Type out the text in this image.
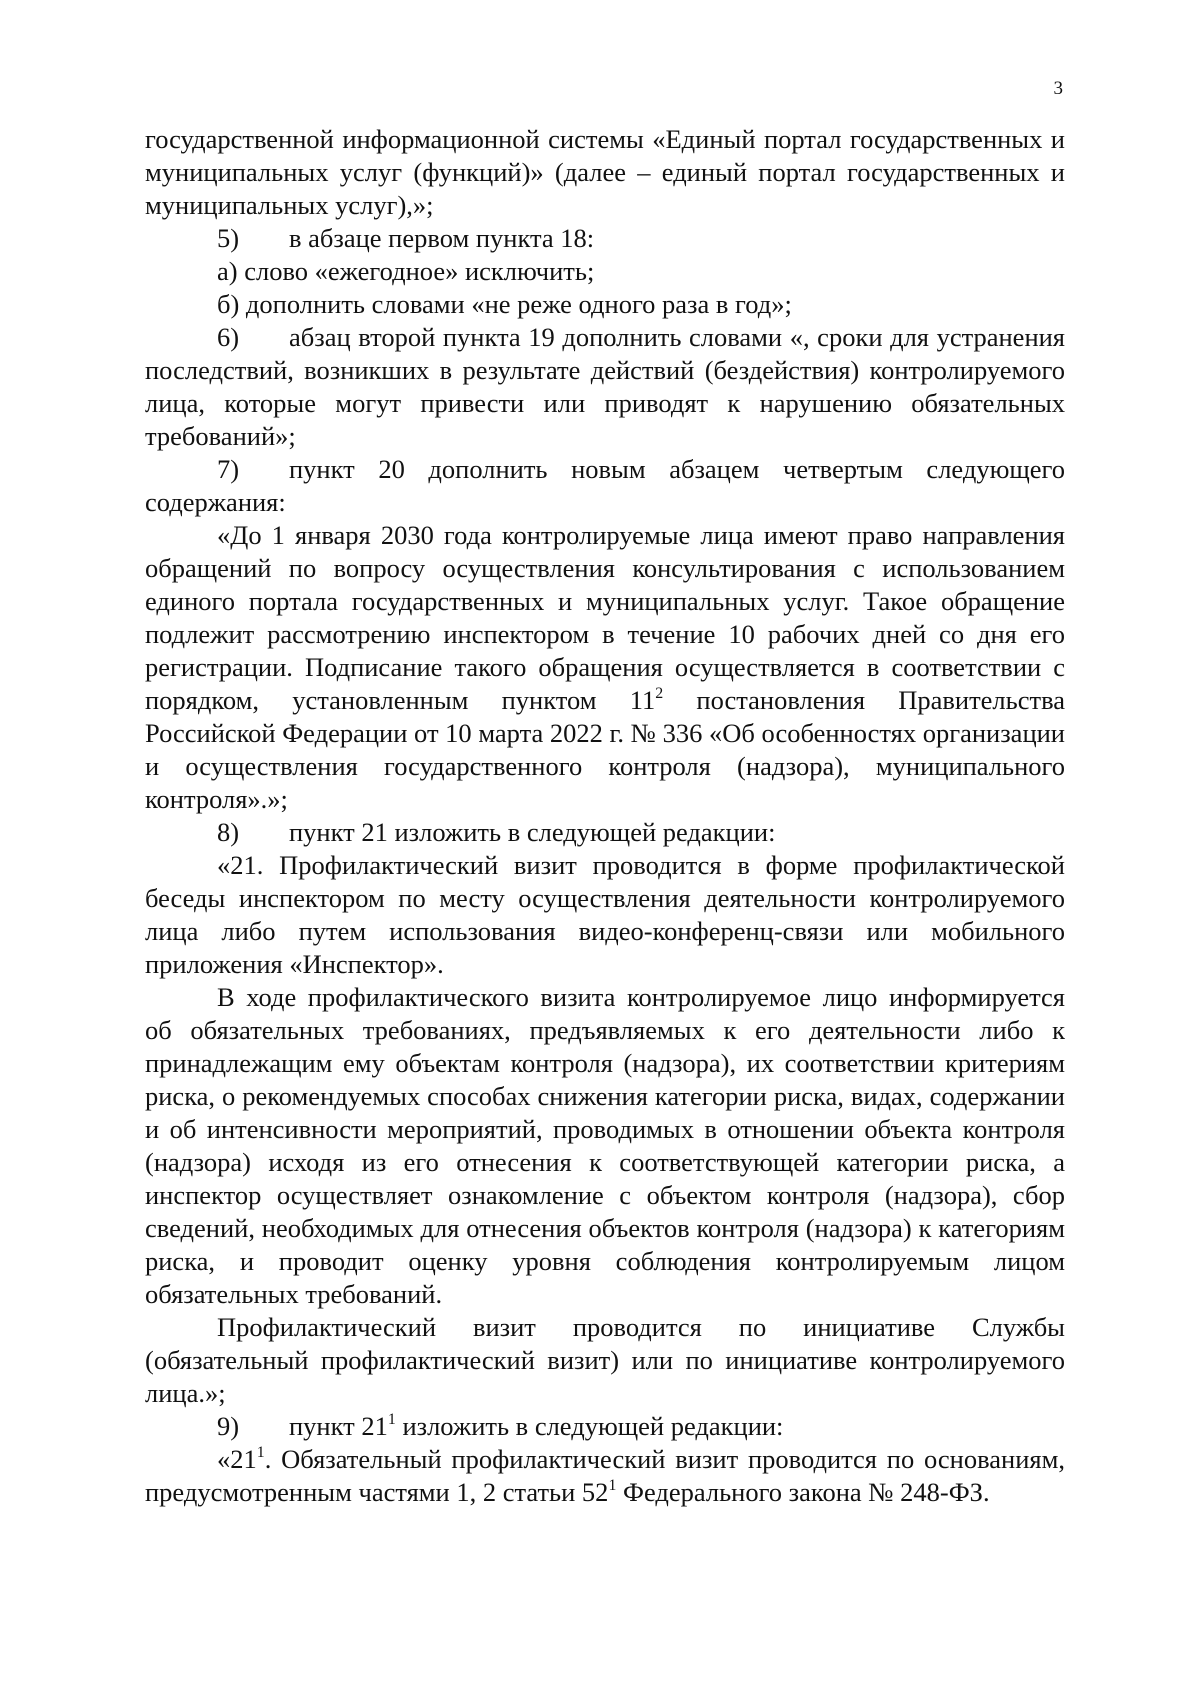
3

государственной информационной системы «Единый портал государственных и муниципальных услуг (функций)» (далее – единый портал государственных и муниципальных услуг),»;

5) в абзаце первом пункта 18:

а) слово «ежегодное» исключить;

б) дополнить словами «не реже одного раза в год»;

6) абзац второй пункта 19 дополнить словами «, сроки для устранения последствий, возникших в результате действий (бездействия) контролируемого лица, которые могут привести или приводят к нарушению обязательных требований»;

7) пункт 20 дополнить новым абзацем четвертым следующего содержания:

«До 1 января 2030 года контролируемые лица имеют право направления обращений по вопросу осуществления консультирования с использованием единого портала государственных и муниципальных услуг. Такое обращение подлежит рассмотрению инспектором в течение 10 рабочих дней со дня его регистрации. Подписание такого обращения осуществляется в соответствии с порядком, установленным пунктом $11^2$ постановления Правительства Российской Федерации от 10 марта 2022 г. № 336 «Об особенностях организации и осуществления государственного контроля (надзора), муниципального контроля».»;

8) пункт 21 изложить в следующей редакции:

«21. Профилактический визит проводится в форме профилактической беседы инспектором по месту осуществления деятельности контролируемого лица либо путем использования видео-конференц-связи или мобильного приложения «Инспектор».

В ходе профилактического визита контролируемое лицо информируется об обязательных требованиях, предъявляемых к его деятельности либо к принадлежащим ему объектам контроля (надзора), их соответствии критериям риска, о рекомендуемых способах снижения категории риска, видах, содержании и об интенсивности мероприятий, проводимых в отношении объекта контроля (надзора) исходя из его отнесения к соответствующей категории риска, а инспектор осуществляет ознакомление с объектом контроля (надзора), сбор сведений, необходимых для отнесения объектов контроля (надзора) к категориям риска, и проводит оценку уровня соблюдения контролируемым лицом обязательных требований.

Профилактический визит проводится по инициативе Службы (обязательный профилактический визит) или по инициативе контролируемого лица.»;

9) пункт $21^1$ изложить в следующей редакции:

«$21^1$. Обязательный профилактический визит проводится по основаниям, предусмотренным частями 1, 2 статьи $52^1$ Федерального закона № 248-ФЗ.
